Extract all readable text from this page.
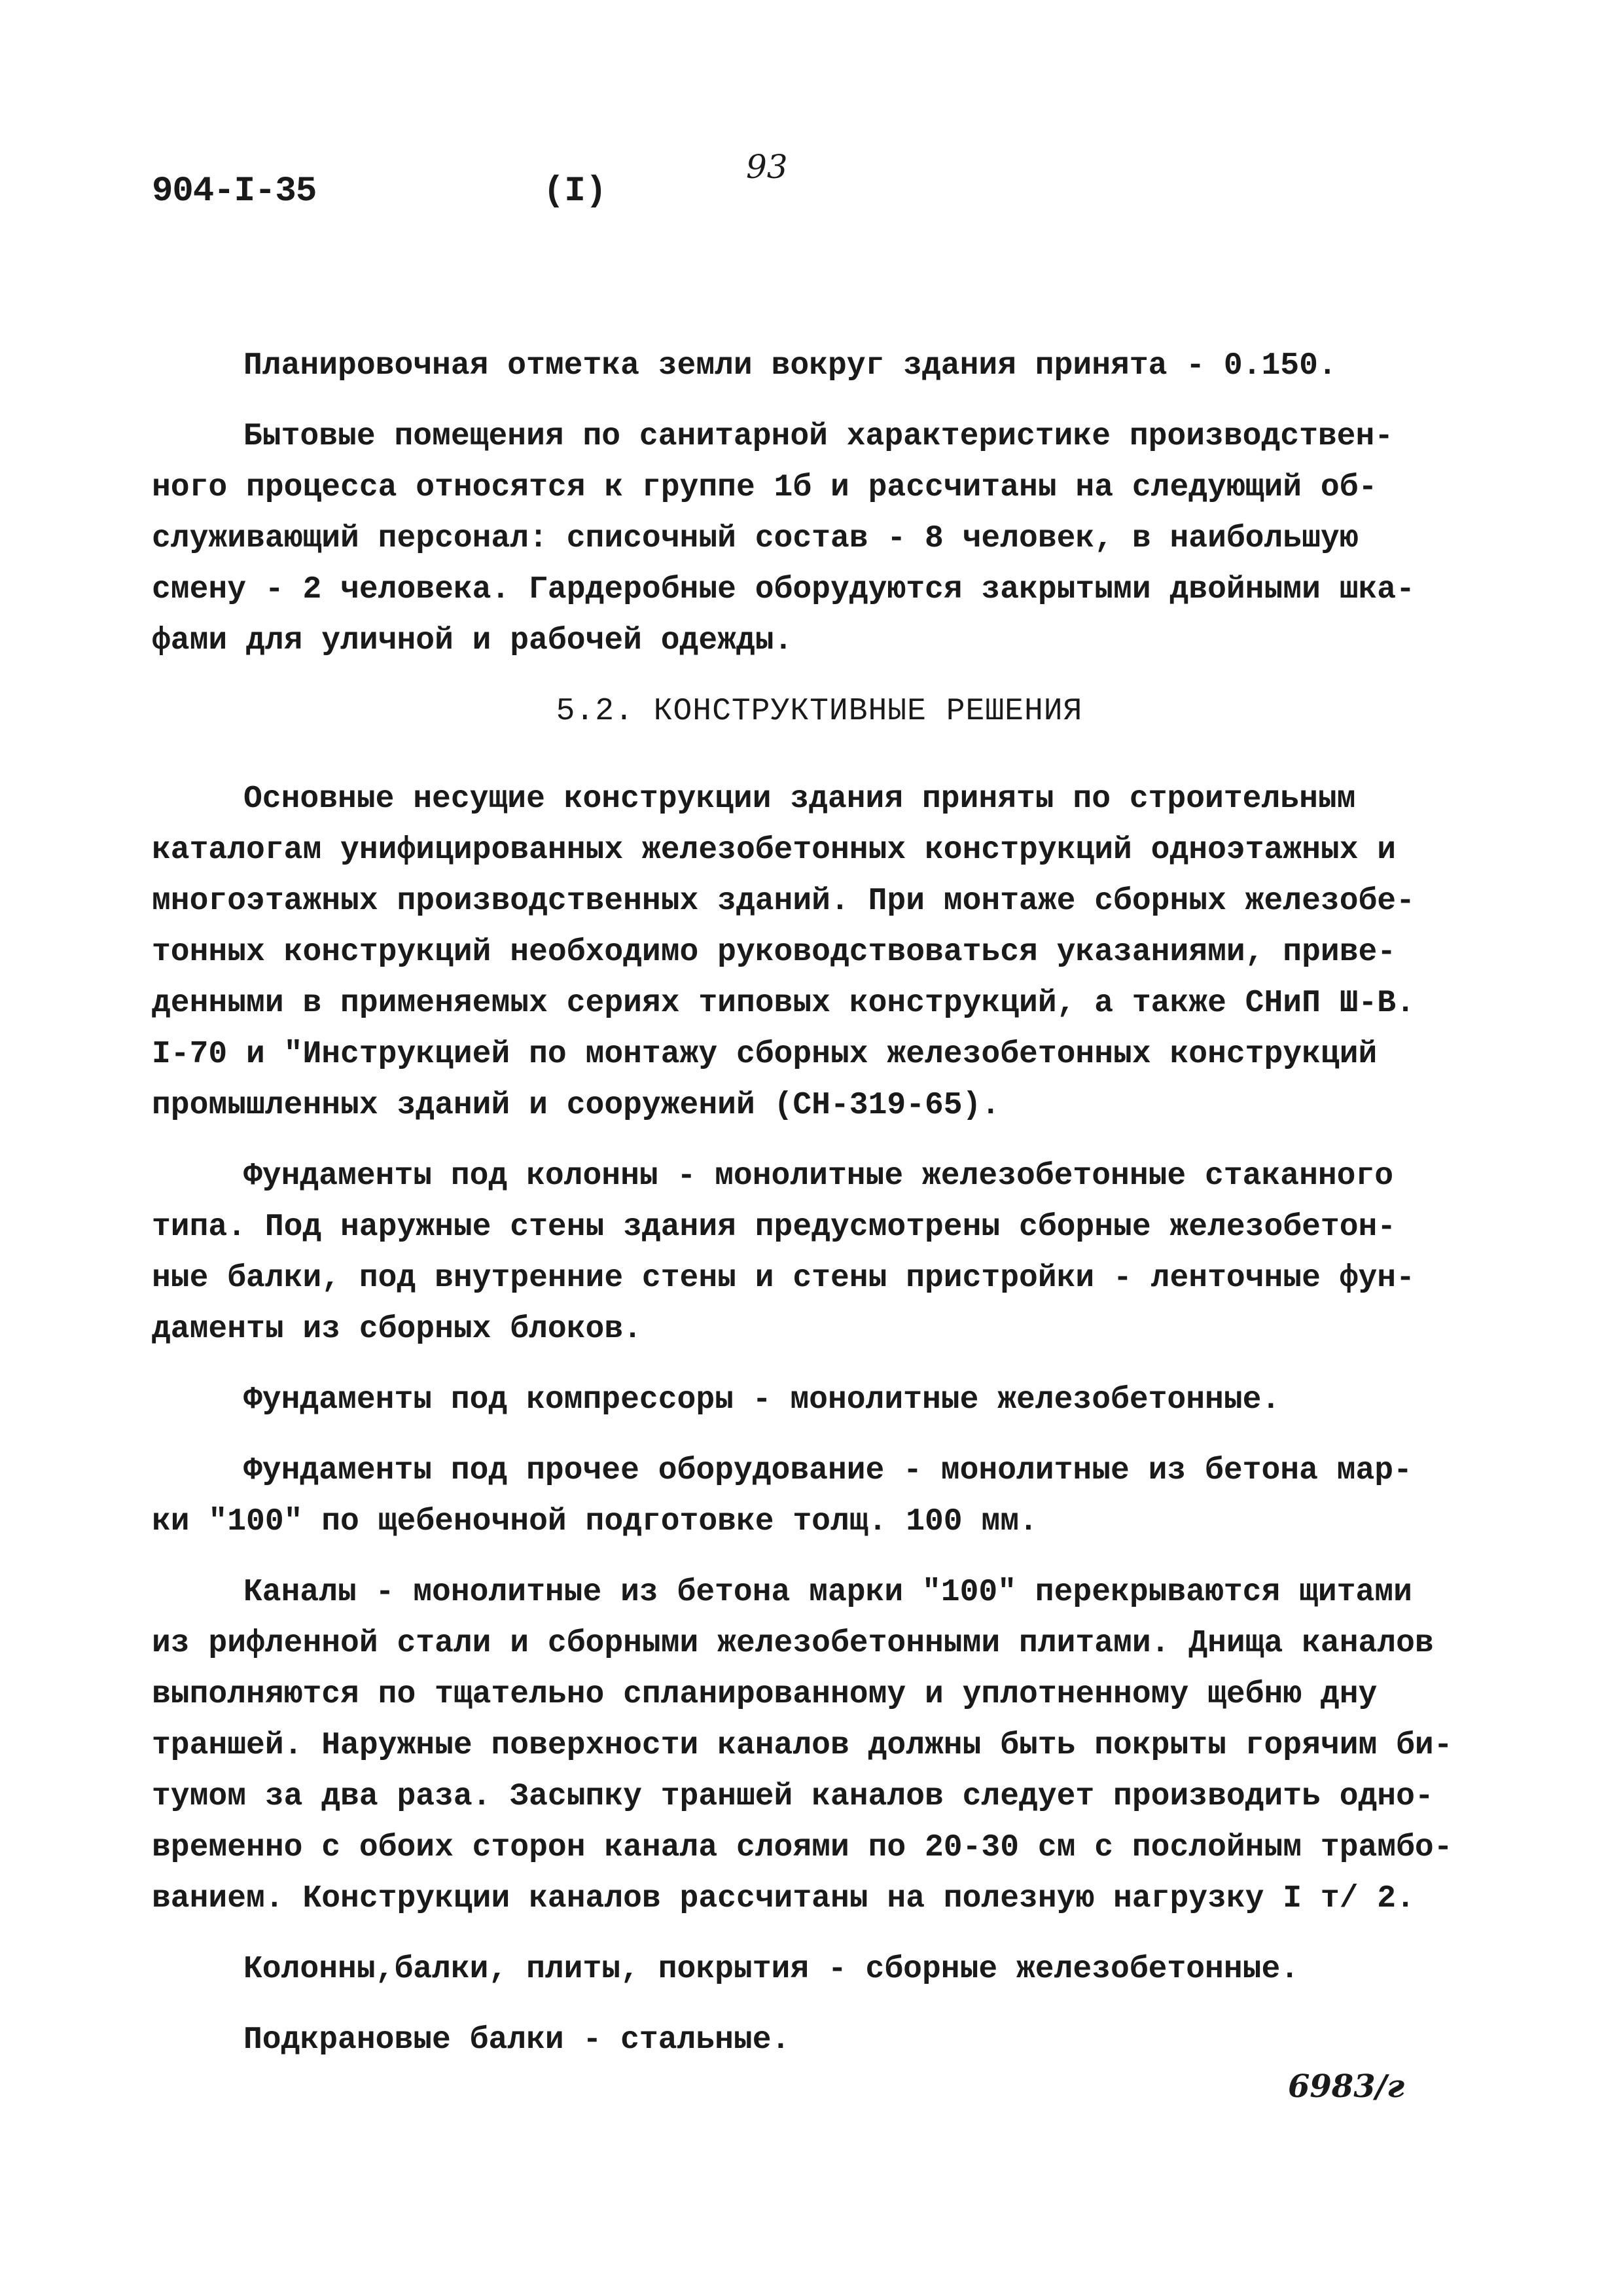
904-I-35	(I)
93
Планировочная отметка земли вокруг здания принята - 0.150.
Бытовые помещения по санитарной характеристике производствен-
ного процесса относятся к группе 1б и рассчитаны на следующий об-
служивающий персонал: списочный состав - 8 человек, в наибольшую
смену - 2 человека. Гардеробные оборудуются закрытыми двойными шка-
фами для уличной и рабочей одежды.
5.2. КОНСТРУКТИВНЫЕ РЕШЕНИЯ
Основные несущие конструкции здания приняты по строительным
каталогам унифицированных железобетонных конструкций одноэтажных и
многоэтажных производственных зданий. При монтаже сборных железобе-
тонных конструкций необходимо руководствоваться указаниями, приве-
денными в применяемых сериях типовых конструкций, а также СНиП Ш-В.
I-70 и "Инструкцией по монтажу сборных железобетонных конструкций
промышленных зданий и сооружений (СН-319-65).
Фундаменты под колонны - монолитные железобетонные стаканного
типа. Под наружные стены здания предусмотрены сборные железобетон-
ные балки, под внутренние стены и стены пристройки - ленточные фун-
даменты из сборных блоков.
Фундаменты под компрессоры - монолитные железобетонные.
Фундаменты под прочее оборудование - монолитные из бетона мар-
ки "100" по щебеночной подготовке толщ. 100 мм.
Каналы - монолитные из бетона марки "100" перекрываются щитами
из рифленной стали и сборными железобетонными плитами. Днища каналов
выполняются по тщательно спланированному и уплотненному щебню дну
траншей. Наружные поверхности каналов должны быть покрыты горячим би-
тумом за два раза. Засыпку траншей каналов следует производить одно-
временно с обоих сторон канала слоями по 20-30 см с послойным трамбо-
ванием. Конструкции каналов рассчитаны на полезную нагрузку I т/ 2.
Колонны,балки, плиты, покрытия - сборные железобетонные.
Подкрановые балки - стальные.
6983/г
